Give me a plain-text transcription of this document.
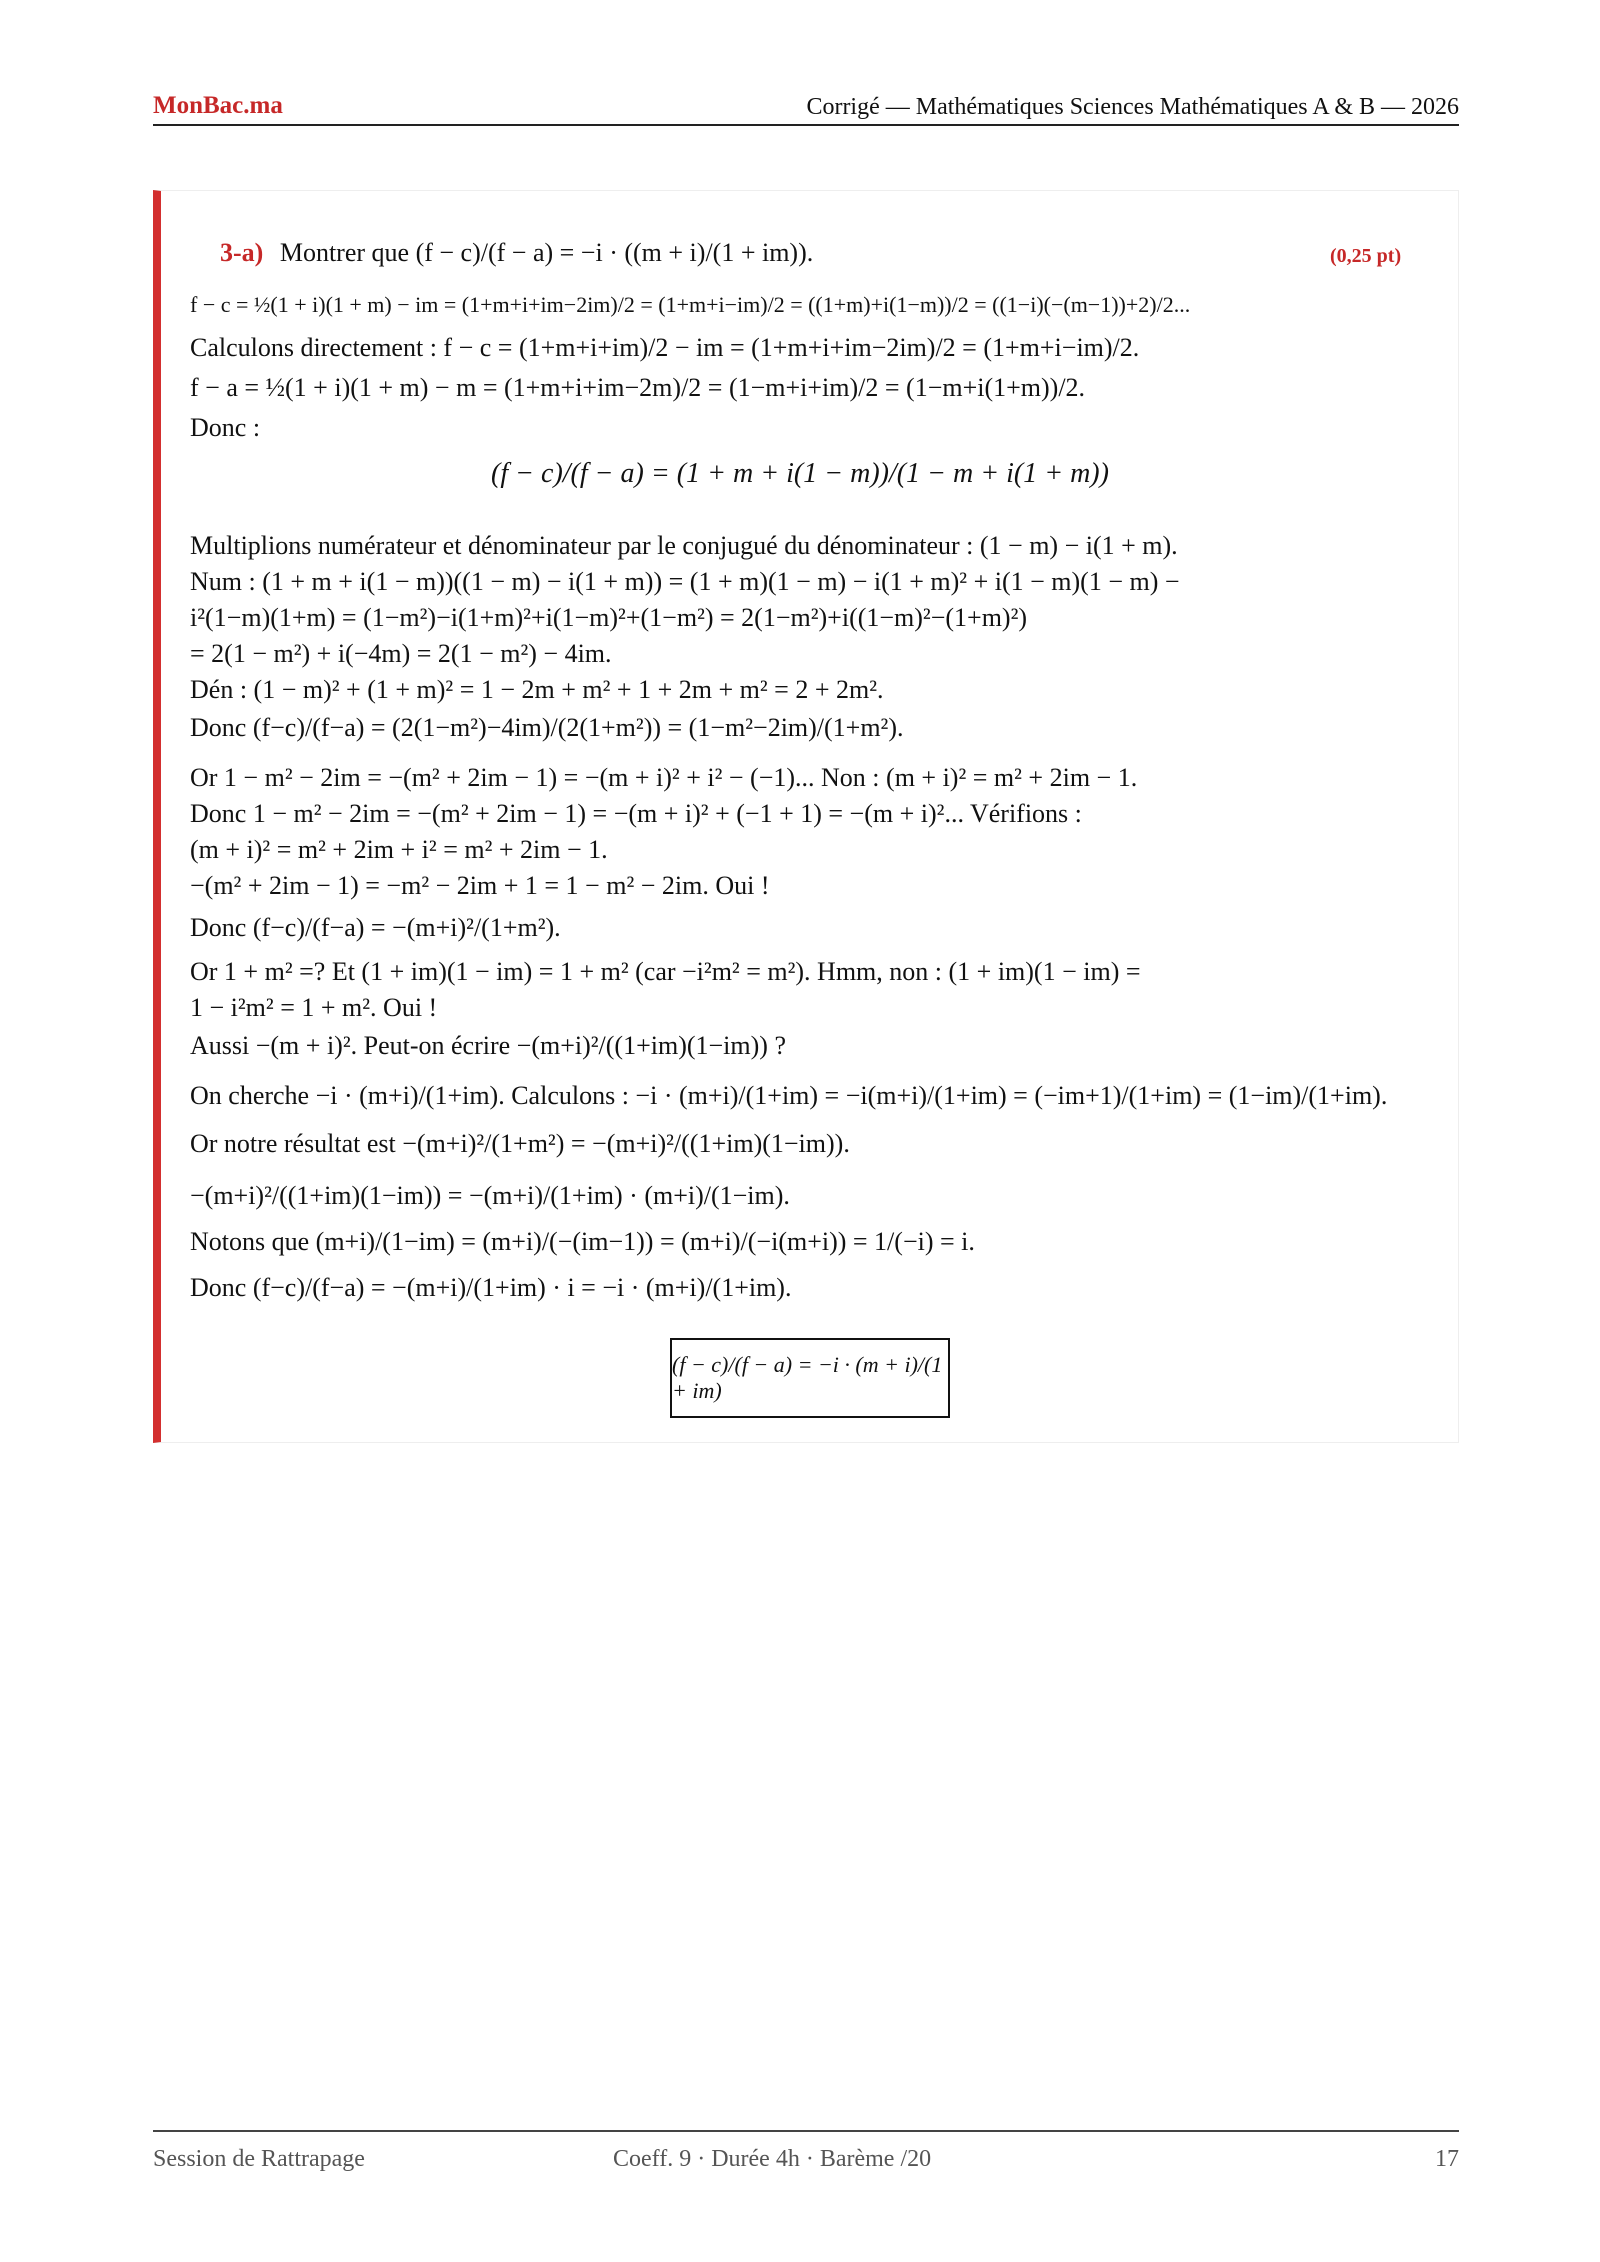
MonBac.ma	Corrigé — Mathématiques Sciences Mathématiques A & B — 2026
3-a) Montrer que (f − c)/(f − a) = −i · ((m + i)/(1 + im)).	(0,25 pt)
f − c = ½(1 + i)(1 + m) − im = (1+m+i+im−2im)/2 = (1+m+i−im)/2 = ((1+m)+i(1−m))/2 = ((1−i)(−(m−1))+2)/2...
Calculons directement : f − c = (1+m+i+im)/2 − im = (1+m+i+im−2im)/2 = (1+m+i−im)/2.
f − a = ½(1 + i)(1 + m) − m = (1+m+i+im−2m)/2 = (1−m+i+im)/2 = (1−m+i(1+m))/2.
Donc :
(f − c)/(f − a) = (1 + m + i(1 − m))/(1 − m + i(1 + m))
Multiplions numérateur et dénominateur par le conjugué du dénominateur : (1 − m) − i(1 + m).
Num : (1 + m + i(1 − m))((1 − m) − i(1 + m)) = (1 + m)(1 − m) − i(1 + m)² + i(1 − m)(1 − m) −
i²(1−m)(1+m) = (1−m²)−i(1+m)²+i(1−m)²+(1−m²) = 2(1−m²)+i((1−m)²−(1+m)²)
= 2(1 − m²) + i(−4m) = 2(1 − m²) − 4im.
Dén : (1 − m)² + (1 + m)² = 1 − 2m + m² + 1 + 2m + m² = 2 + 2m².
Donc (f−c)/(f−a) = (2(1−m²)−4im)/(2(1+m²)) = (1−m²−2im)/(1+m²).
Or 1 − m² − 2im = −(m² + 2im − 1) = −(m + i)² + i² − (−1)... Non : (m + i)² = m² + 2im − 1.
Donc 1 − m² − 2im = −(m² + 2im − 1) = −(m + i)² + (−1 + 1) = −(m + i)²... Vérifions :
(m + i)² = m² + 2im + i² = m² + 2im − 1.
−(m² + 2im − 1) = −m² − 2im + 1 = 1 − m² − 2im. Oui !
Donc (f−c)/(f−a) = −(m+i)²/(1+m²).
Or 1 + m² =? Et (1 + im)(1 − im) = 1 + m² (car −i²m² = m²). Hmm, non : (1 + im)(1 − im) =
1 − i²m² = 1 + m². Oui !
Aussi −(m + i)². Peut-on écrire −(m+i)²/((1+im)(1−im)) ?
On cherche −i · (m+i)/(1+im). Calculons : −i · (m+i)/(1+im) = −i(m+i)/(1+im) = (−im+1)/(1+im) = (1−im)/(1+im).
Or notre résultat est −(m+i)²/(1+m²) = −(m+i)²/((1+im)(1−im)).
−(m+i)²/((1+im)(1−im)) = −(m+i)/(1+im) · (m+i)/(1−im).
Notons que (m+i)/(1−im) = (m+i)/(−(im−1)) = (m+i)/(−i(m+i)) = 1/(−i) = i.
Donc (f−c)/(f−a) = −(m+i)/(1+im) · i = −i · (m+i)/(1+im).
(f − c)/(f − a) = −i · (m + i)/(1 + im)
Session de Rattrapage	Coeff. 9 · Durée 4h · Barème /20	17
